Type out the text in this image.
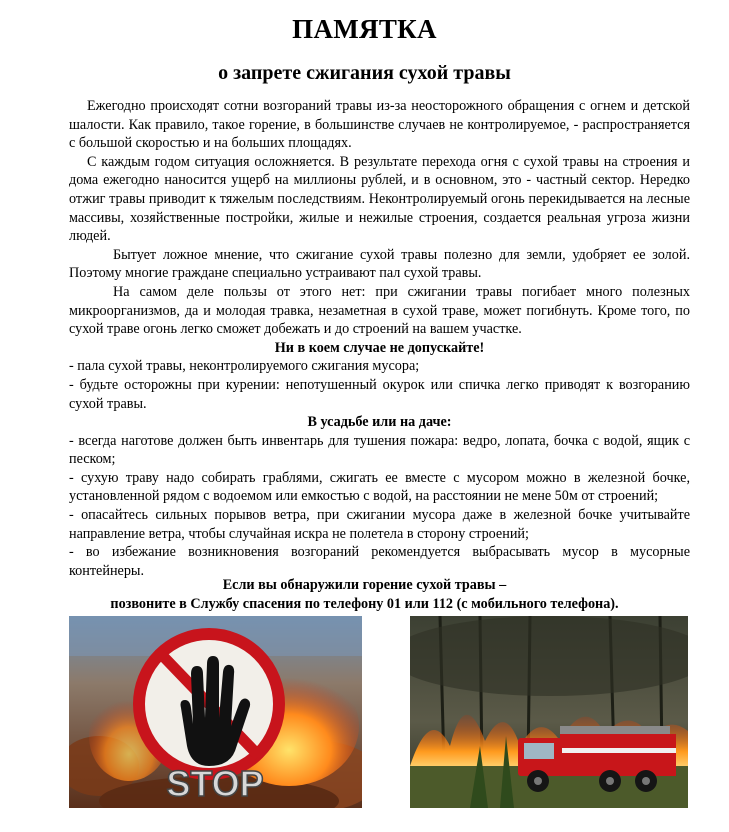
ПАМЯТКА
о запрете сжигания сухой травы

Ежегодно происходят сотни возгораний травы из-за неосторожного обращения с огнем и детской шалости. Как правило, такое горение, в большинстве случаев не контролируемое, - распространяется с большой скоростью и на больших площадях.

С каждым годом ситуация осложняется. В результате перехода огня с сухой травы на строения и дома ежегодно наносится ущерб на миллионы рублей, и в основном, это - частный сектор. Нередко отжиг травы приводит к тяжелым последствиям. Неконтролируемый огонь перекидывается на лесные массивы, хозяйственные постройки, жилые и нежилые строения, создается реальная угроза жизни людей.

Бытует ложное мнение, что сжигание сухой травы полезно для земли, удобряет ее золой. Поэтому многие граждане специально устраивают пал сухой травы.

На самом деле пользы от этого нет: при сжигании травы погибает много полезных микроорганизмов, да и молодая травка, незаметная в сухой траве, может погибнуть. Кроме того, по сухой траве огонь легко сможет добежать и до строений на вашем участке.

Ни в коем случае не допускайте!

- пала сухой травы, неконтролируемого сжигания мусора;

- будьте осторожны при курении: непотушенный окурок или спичка легко приводят к возгоранию сухой травы.

В усадьбе или на даче:

- всегда наготове должен быть инвентарь для тушения пожара: ведро, лопата, бочка с водой, ящик с песком;

- сухую траву надо собирать граблями, сжигать ее вместе с мусором можно в железной бочке, установленной рядом с водоемом или емкостью с водой, на расстоянии не мене 50м от строений;

- опасайтесь сильных порывов ветра, при сжигании мусора даже в железной бочке учитывайте направление ветра, чтобы случайная искра не полетела в сторону строений;

- во избежание возникновения возгораний рекомендуется выбрасывать мусор в мусорные контейнеры.

Если вы обнаружили горение сухой травы –
позвоните в Службу спасения по телефону 01 или 112 (с мобильного телефона).
STOP
